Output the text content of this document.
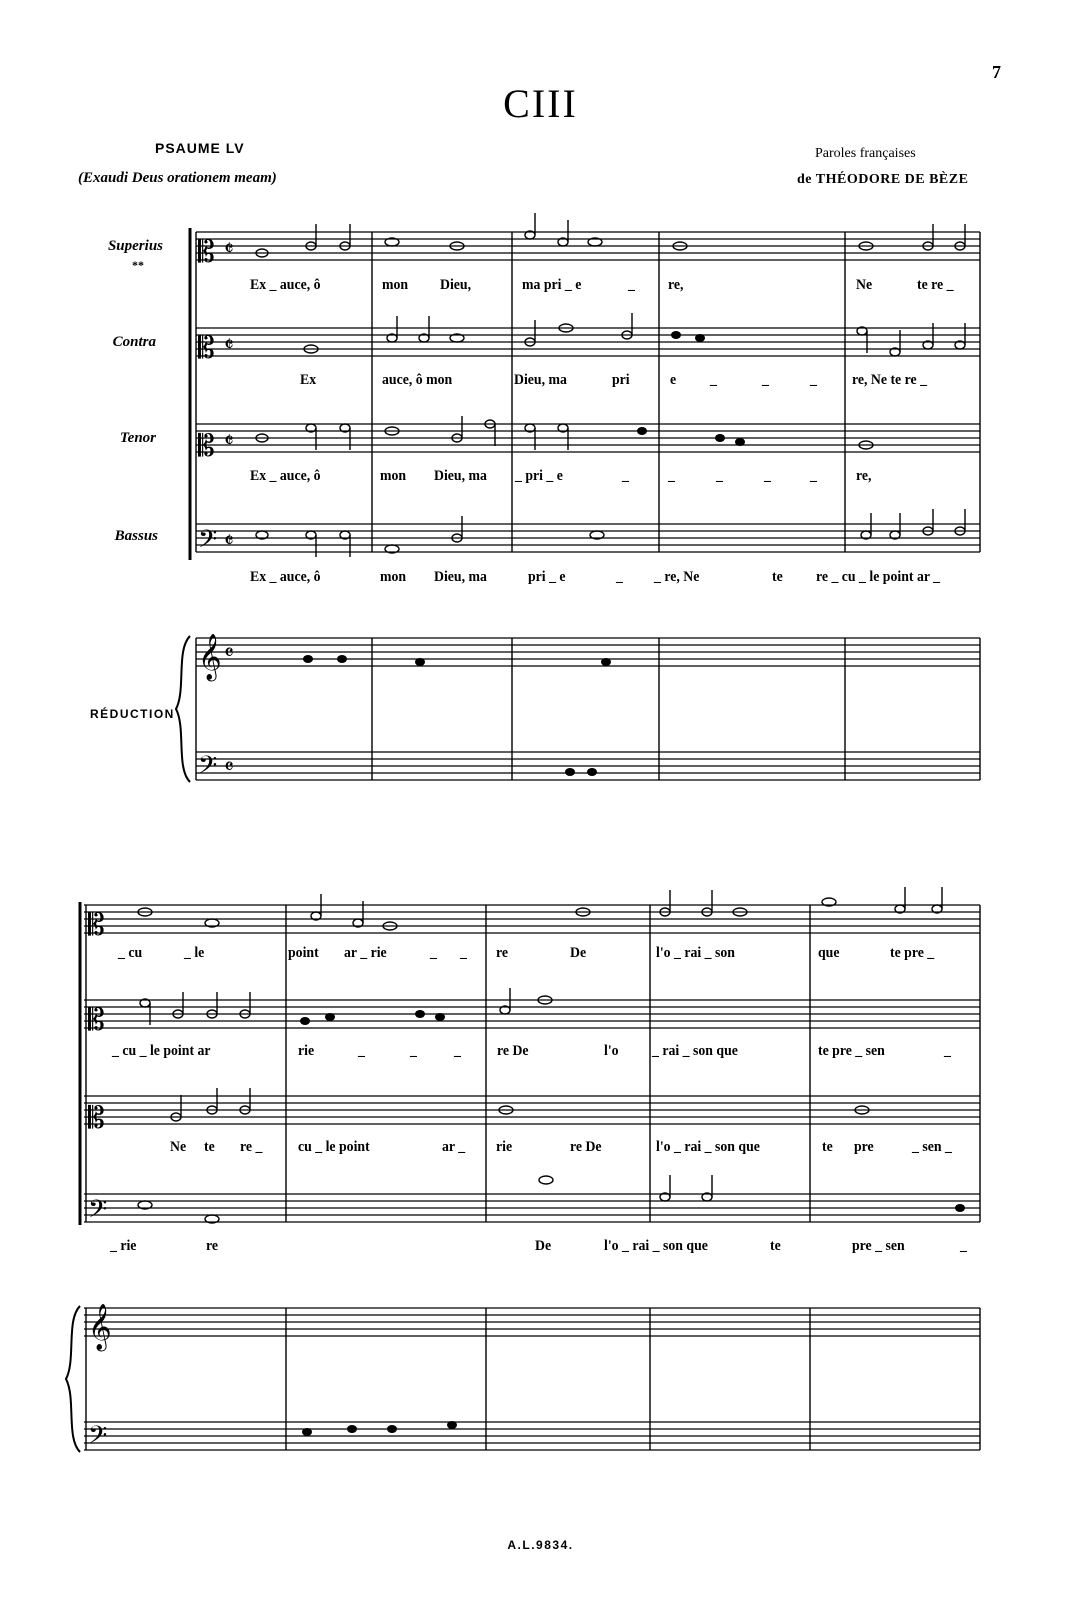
7
CIII
PSAUME LV
(Exaudi Deus orationem meam)
Paroles françaises
de THÉODORE DE BÈZE
Superius
**
Contra
Tenor
Bassus
RÉDUCTION
𝄡
𝄡
𝄡
𝄢
𝄞
𝄢
𝄵
𝄵
𝄵
𝄵
𝄴
𝄴
𝄡
𝄡
𝄡
𝄢
𝄞
𝄢
Ex _ auce, ô	mon Dieu,	ma pri _ e	_ re,	Ne	te re _
Ex	auce, ô mon	Dieu, ma	pri	e _	_	_ re, Ne te re _
Ex _ auce, ô	mon Dieu, ma _ pri _ e	_	_	_	_	_	re,
Ex _ auce, ô	mon Dieu, ma	pri _ e	_ _ re, Ne	te re _ cu _ le point ar _
_ cu	_ le	point ar _ rie	_ _ re	De	l'o _ rai _ son	que	te pre _
_ cu _ le point ar	rie	_	_ _ re De	l'o _ rai _ son que	te pre _ sen	_
Ne te re _ cu _ le point	ar _ rie	re De	l'o _ rai _ son que	te pre	_ sen _
_ rie	re	De	l'o _ rai _ son que	te	pre _ sen	_
A.L.9834.
